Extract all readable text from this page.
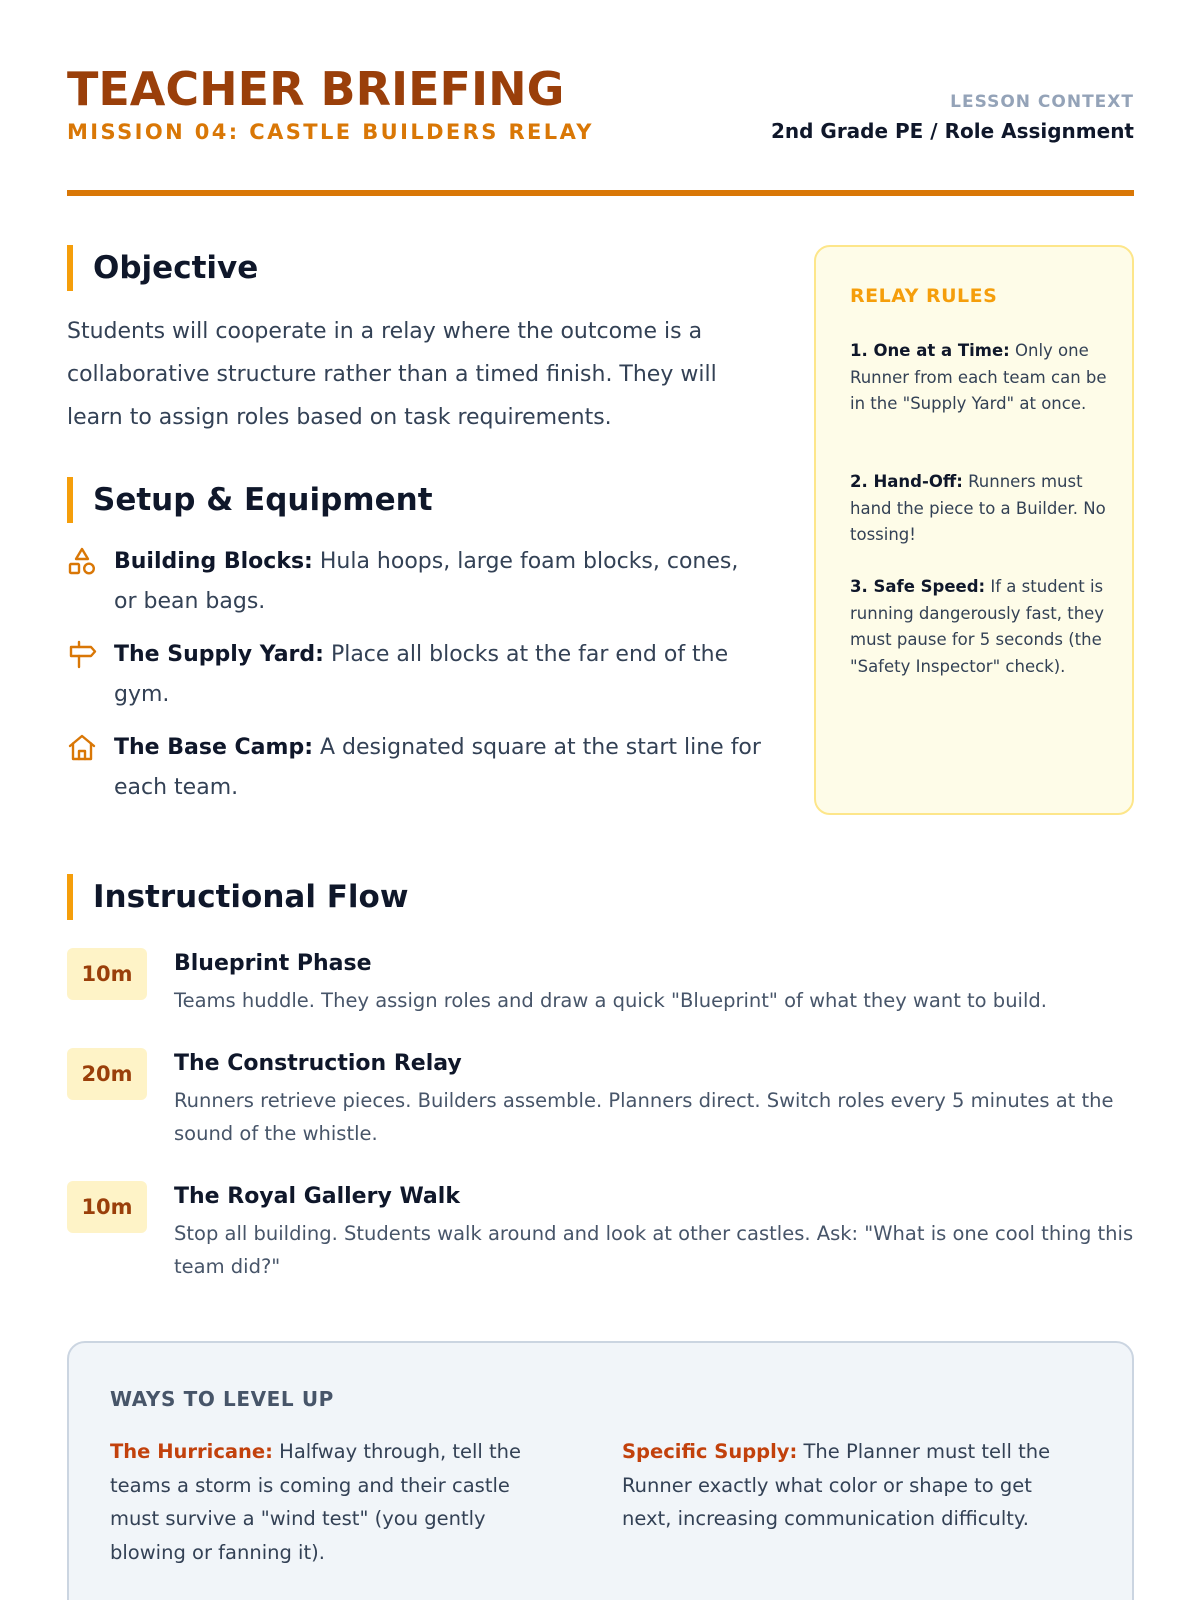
TEACHER BRIEFING
MISSION 04: CASTLE BUILDERS RELAY
LESSON CONTEXT
2nd Grade PE / Role Assignment
Objective
Students will cooperate in a relay where the outcome is a collaborative structure rather than a timed finish. They will learn to assign roles based on task requirements.
Setup & Equipment
Building Blocks: Hula hoops, large foam blocks, cones, or bean bags.
The Supply Yard: Place all blocks at the far end of the gym.
The Base Camp: A designated square at the start line for each team.
RELAY RULES
1. One at a Time: Only one Runner from each team can be in the "Supply Yard" at once.
2. Hand-Off: Runners must hand the piece to a Builder. No tossing!
3. Safe Speed: If a student is running dangerously fast, they must pause for 5 seconds (the "Safety Inspector" check).
Instructional Flow
10m	Blueprint Phase
Teams huddle. They assign roles and draw a quick "Blueprint" of what they want to build.
20m	The Construction Relay
Runners retrieve pieces. Builders assemble. Planners direct. Switch roles every 5 minutes at the sound of the whistle.
10m	The Royal Gallery Walk
Stop all building. Students walk around and look at other castles. Ask: "What is one cool thing this team did?"
WAYS TO LEVEL UP
The Hurricane: Halfway through, tell the teams a storm is coming and their castle must survive a "wind test" (you gently blowing or fanning it).
Specific Supply: The Planner must tell the Runner exactly what color or shape to get next, increasing communication difficulty.
